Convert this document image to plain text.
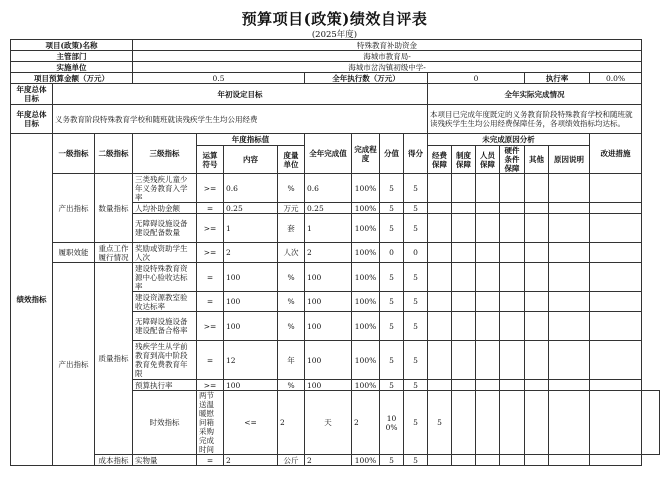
预算项目(政策)绩效自评表
(2025年度)
项目(政策)名称			特殊教育补助资金															
主管部门			海城市教育局-															
实施单位			海城市岔沟镇初级中学-															
项目预算金额（万元）			0.5				全年执行数（万元）				0				执行率		0.0%	
年度总体目标	年初设定目标										全年实际完成情况							
年度总体目标	义务教育阶段特殊教育学校和随班就读残疾学生生均公用经费										本项目已完成年度既定的义务教育阶段特殊教育学校和随班就读残疾学生生均公用经费保障任务，各项绩效指标均达标。							
绩效指标	一级指标	二级指标	三级指标	年度指标值			全年完成值	完成程度	分值	得分	未完成原因分析						改进措施	
				运算符号	内容	度量单位					经费保障	制度保障	人员保障	硬件条件保障	其他	原因说明		
	产出指标	数量指标	三类残疾儿童少年义务教育入学率	>=	0.6	%	0.6	100%	5	5								
			人均补助金额	=	0.25	万元	0.25	100%	5	5								
			无障碍设施设备建设配备数量	>=	1	套	1	100%	5	5								
	履职效能	重点工作履行情况	奖励或资助学生人次	>=	2	人次	2	100%	0	0								
	产出指标	质量指标	建设特殊教育资源中心验收达标率	=	100	%	100	100%	5	5								
			建设资源教室验收达标率	=	100	%	100	100%	5	5								
			无障碍设施设备建设配备合格率	>=	100	%	100	100%	5	5								
			残疾学生从学前教育到高中阶段教育免费教育年限	=	12	年	100	100%	5	5								
			预算执行率	>=	100	%	100	100%	5	5								
			时效指标	两节送温暖慰问箱采购完成时间	<=	2	天	2	100%	5	5							
		成本指标	实物量	=	2	公斤	2	100%	5	5								
